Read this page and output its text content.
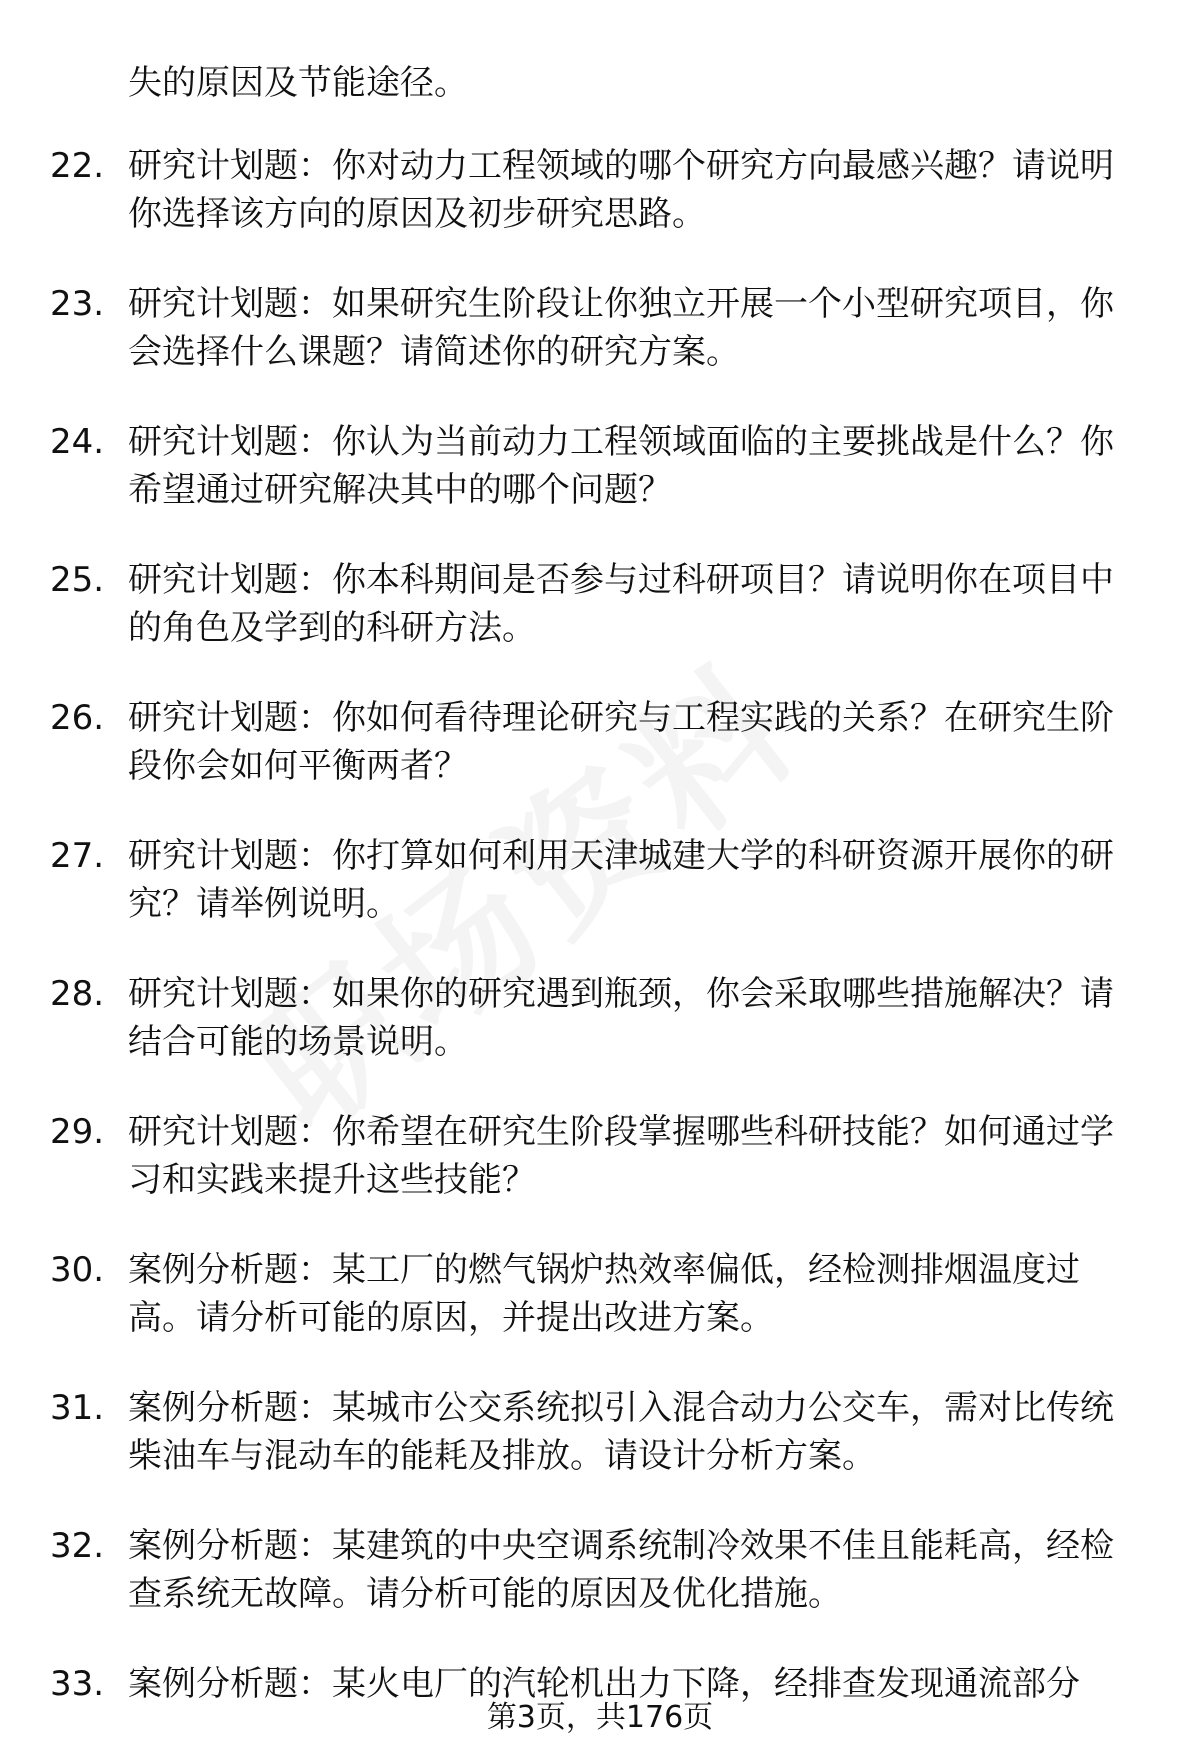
失的原因及节能途径。
22. 研究计划题：你对动力工程领域的哪个研究方向最感兴趣？请说明你选择该方向的原因及初步研究思路。
23. 研究计划题：如果研究生阶段让你独立开展一个小型研究项目，你会选择什么课题？请简述你的研究方案。
24. 研究计划题：你认为当前动力工程领域面临的主要挑战是什么？你希望通过研究解决其中的哪个问题？
25. 研究计划题：你本科期间是否参与过科研项目？请说明你在项目中的角色及学到的科研方法。
26. 研究计划题：你如何看待理论研究与工程实践的关系？在研究生阶段你会如何平衡两者？
27. 研究计划题：你打算如何利用天津城建大学的科研资源开展你的研究？请举例说明。
28. 研究计划题：如果你的研究遇到瓶颈，你会采取哪些措施解决？请结合可能的场景说明。
29. 研究计划题：你希望在研究生阶段掌握哪些科研技能？如何通过学习和实践来提升这些技能？
30. 案例分析题：某工厂的燃气锅炉热效率偏低，经检测排烟温度过高。请分析可能的原因，并提出改进方案。
31. 案例分析题：某城市公交系统拟引入混合动力公交车，需对比传统柴油车与混动车的能耗及排放。请设计分析方案。
32. 案例分析题：某建筑的中央空调系统制冷效果不佳且能耗高，经检查系统无故障。请分析可能的原因及优化措施。
33. 案例分析题：某火电厂的汽轮机出力下降，经排查发现通流部分
第3页，共176页
